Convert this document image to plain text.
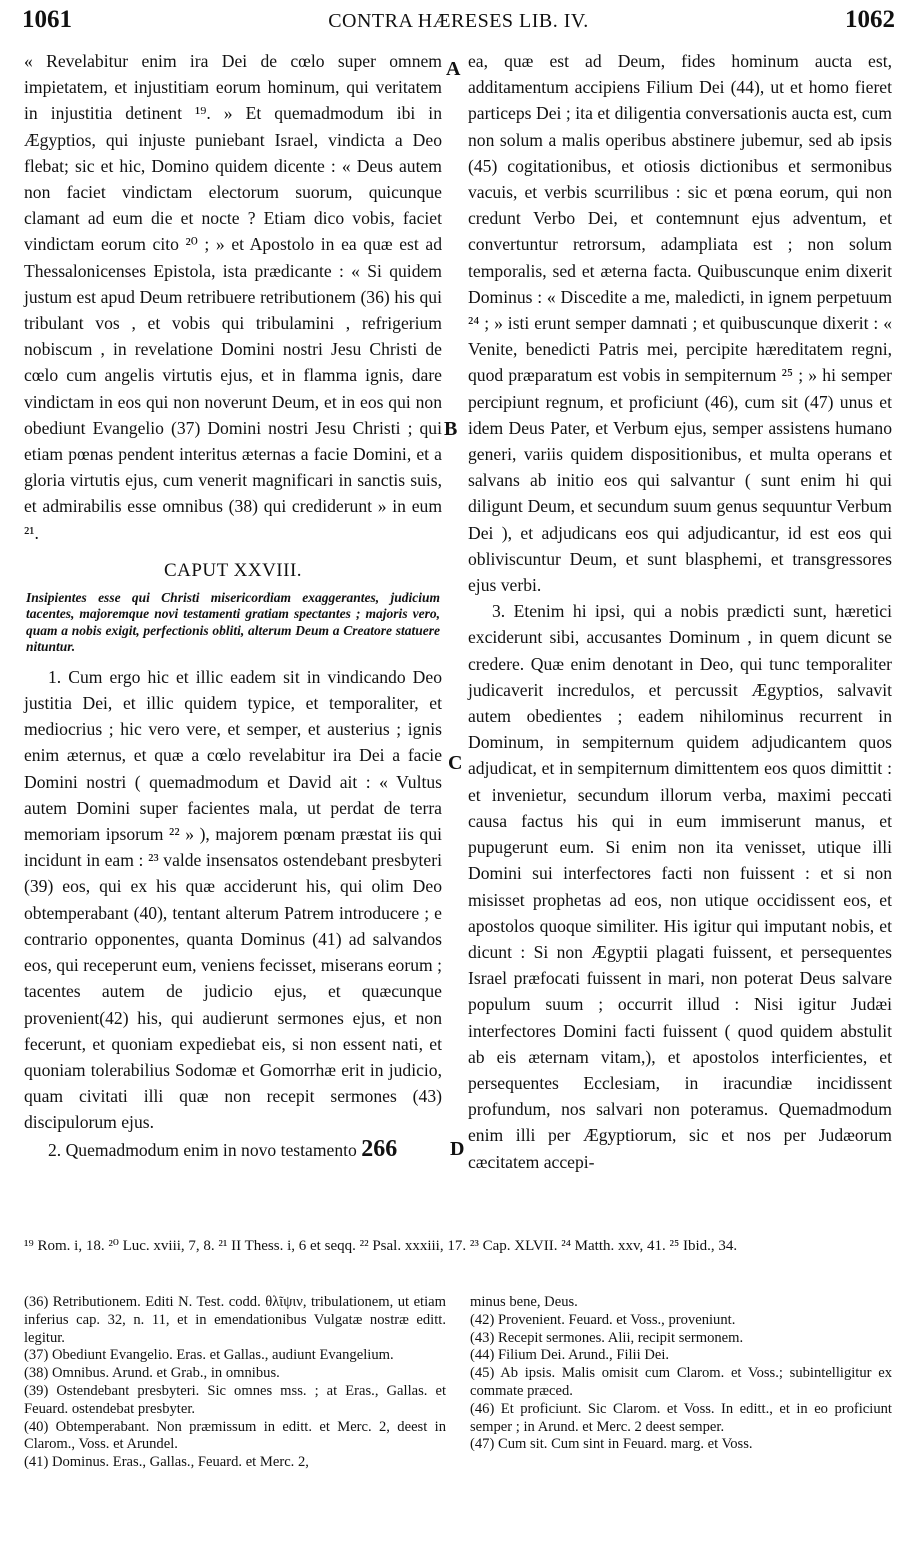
1061	CONTRA HÆRESES LIB. IV.	1062
A
B
C
D

« Revelabitur enim ira Dei de cœlo super omnem impietatem, et injustitiam eorum hominum, qui veritatem in injustitia detinent ¹⁹. » Et quemadmodum ibi in Ægyptios, qui injuste puniebant Israel, vindicta a Deo flebat; sic et hic, Domino quidem dicente : « Deus autem non faciet vindictam electorum suorum, quicunque clamant ad eum die et nocte ? Etiam dico vobis, faciet vindictam eorum cito ²⁰ ; » et Apostolo in ea quæ est ad Thessalonicenses Epistola, ista prædicante : « Si quidem justum est apud Deum retribuere retributionem (36) his qui tribulant vos , et vobis qui tribulamini , refrigerium nobiscum , in revelatione Domini nostri Jesu Christi de cœlo cum angelis virtutis ejus, et in flamma ignis, dare vindictam in eos qui non noverunt Deum, et in eos qui non obediunt Evangelio (37) Domini nostri Jesu Christi ; qui etiam pœnas pendent interitus æternas a facie Domini, et a gloria virtutis ejus, cum venerit magnificari in sanctis suis, et admirabilis esse omnibus (38) qui crediderunt » in eum ²¹.

CAPUT XXVIII.
Insipientes esse qui Christi misericordiam exaggerantes, judicium tacentes, majoremque novi testamenti gratiam spectantes ; majoris vero, quam a nobis exigit, perfectionis obliti, alterum Deum a Creatore statuere nituntur.

1. Cum ergo hic et illic eadem sit in vindicando Deo justitia Dei, et illic quidem typice, et temporaliter, et mediocrius ; hic vero vere, et semper, et austerius ; ignis enim æternus, et quæ a cœlo revelabitur ira Dei a facie Domini nostri ( quemadmodum et David ait : « Vultus autem Domini super facientes mala, ut perdat de terra memoriam ipsorum ²² » ), majorem pœnam præstat iis qui incidunt in eam : ²³ valde insensatos ostendebant presbyteri (39) eos, qui ex his quæ acciderunt his, qui olim Deo obtemperabant (40), tentant alterum Patrem introducere ; e contrario opponentes, quanta Dominus (41) ad salvandos eos, qui receperunt eum, veniens fecisset, miserans eorum ; tacentes autem de judicio ejus, et quæcunque provenient(42) his, qui audierunt sermones ejus, et non fecerunt, et quoniam expediebat eis, si non essent nati, et quoniam tolerabilius Sodomæ et Gomorrhæ erit in judicio, quam civitati illi quæ non recepit sermones (43) discipulorum ejus.

2. Quemadmodum enim in novo testamento 266

ea, quæ est ad Deum, fides hominum aucta est, additamentum accipiens Filium Dei (44), ut et homo fieret particeps Dei ; ita et diligentia conversationis aucta est, cum non solum a malis operibus abstinere jubemur, sed ab ipsis (45) cogitationibus, et otiosis dictionibus et sermonibus vacuis, et verbis scurrilibus : sic et pœna eorum, qui non credunt Verbo Dei, et contemnunt ejus adventum, et convertuntur retrorsum, adampliata est ; non solum temporalis, sed et æterna facta. Quibuscunque enim dixerit Dominus : « Discedite a me, maledicti, in ignem perpetuum ²⁴ ; » isti erunt semper damnati ; et quibuscunque dixerit : « Venite, benedicti Patris mei, percipite hæreditatem regni, quod præparatum est vobis in sempiternum ²⁵ ; » hi semper percipiunt regnum, et proficiunt (46), cum sit (47) unus et idem Deus Pater, et Verbum ejus, semper assistens humano generi, variis quidem dispositionibus, et multa operans et salvans ab initio eos qui salvantur ( sunt enim hi qui diligunt Deum, et secundum suum genus sequuntur Verbum Dei ), et adjudicans eos qui adjudicantur, id est eos qui obliviscuntur Deum, et sunt blasphemi, et transgressores ejus verbi.

3. Etenim hi ipsi, qui a nobis prædicti sunt, hæretici exciderunt sibi, accusantes Dominum , in quem dicunt se credere. Quæ enim denotant in Deo, qui tunc temporaliter judicaverit incredulos, et percussit Ægyptios, salvavit autem obedientes ; eadem nihilominus recurrent in Dominum, in sempiternum quidem adjudicantem quos adjudicat, et in sempiternum dimittentem eos quos dimittit : et invenietur, secundum illorum verba, maximi peccati causa factus his qui in eum immiserunt manus, et pupugerunt eum. Si enim non ita venisset, utique illi Domini sui interfectores facti non fuissent : et si non misisset prophetas ad eos, non utique occidissent eos, et apostolos quoque similiter. His igitur qui imputant nobis, et dicunt : Si non Ægyptii plagati fuissent, et persequentes Israel præfocati fuissent in mari, non poterat Deus salvare populum suum ; occurrit illud : Nisi igitur Judæi interfectores Domini facti fuissent ( quod quidem abstulit ab eis æternam vitam,), et apostolos interficientes, et persequentes Ecclesiam, in iracundiæ incidissent profundum, nos salvari non poteramus. Quemadmodum enim illi per Ægyptiorum, sic et nos per Judæorum cæcitatem accepi-

¹⁹ Rom. i, 18. ²⁰ Luc. xviii, 7, 8. ²¹ II Thess. i, 6 et seqq. ²² Psal. xxxiii, 17. ²³ Cap. XLVII. ²⁴ Matth. xxv, 41. ²⁵ Ibid., 34.

(36) Retributionem. Editi N. Test. codd. θλῖψιν, tribulationem, ut etiam inferius cap. 32, n. 11, et in emendationibus Vulgatæ nostræ editt. legitur.

(37) Obediunt Evangelio. Eras. et Gallas., audiunt Evangelium.

(38) Omnibus. Arund. et Grab., in omnibus.

(39) Ostendebant presbyteri. Sic omnes mss. ; at Eras., Gallas. et Feuard. ostendebat presbyter.

(40) Obtemperabant. Non præmissum in editt. et Merc. 2, deest in Clarom., Voss. et Arundel.

(41) Dominus. Eras., Gallas., Feuard. et Merc. 2,

minus bene, Deus.

(42) Provenient. Feuard. et Voss., proveniunt.

(43) Recepit sermones. Alii, recipit sermonem.

(44) Filium Dei. Arund., Filii Dei.

(45) Ab ipsis. Malis omisit cum Clarom. et Voss.; subintelligitur ex commate præced.

(46) Et proficiunt. Sic Clarom. et Voss. In editt., et in eo proficiunt semper ; in Arund. et Merc. 2 deest semper.

(47) Cum sit. Cum sint in Feuard. marg. et Voss.
